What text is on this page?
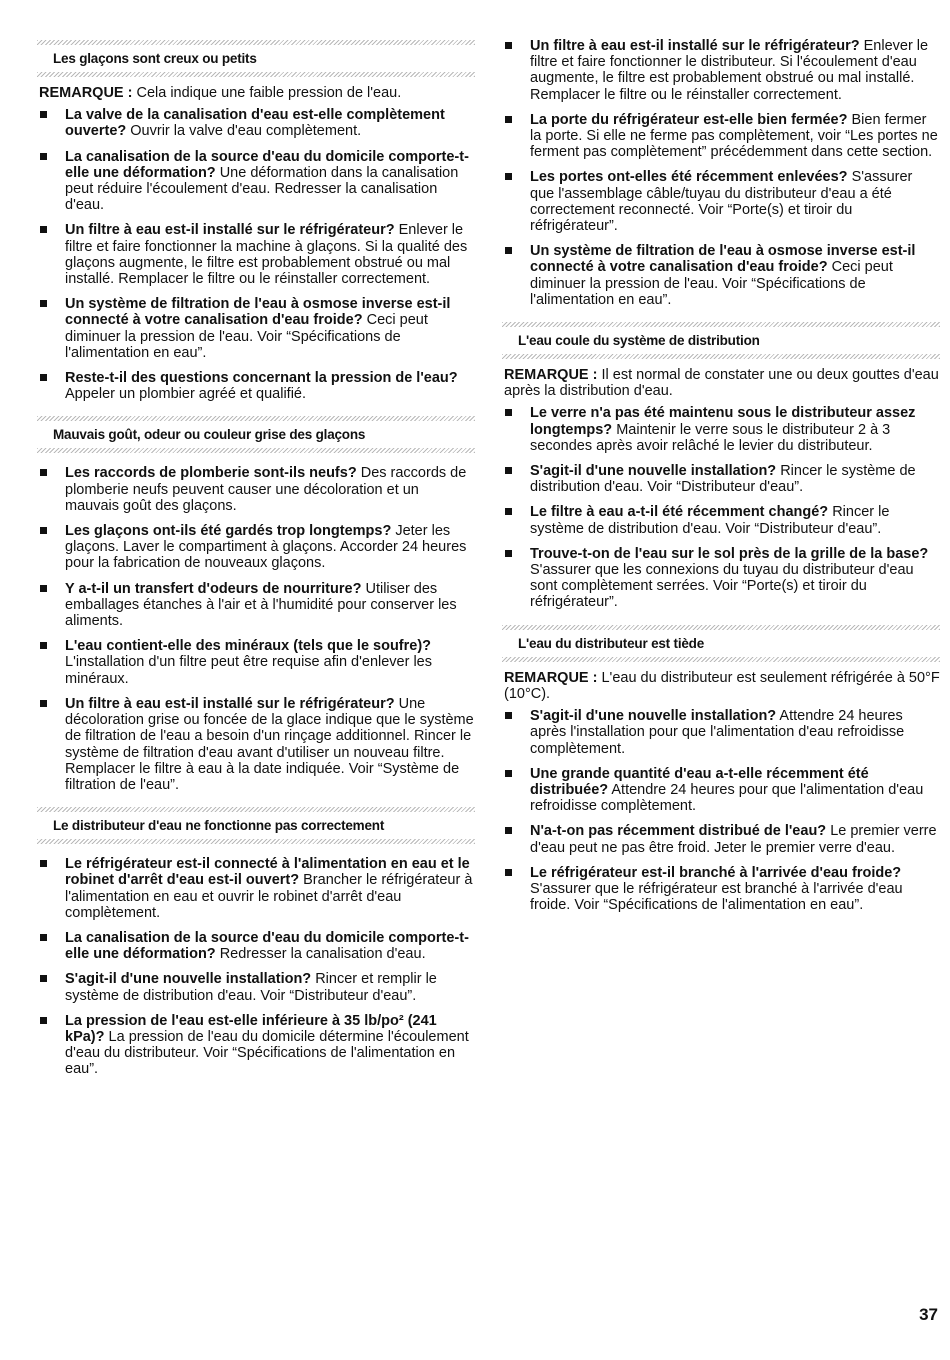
Les glaçons sont creux ou petits

REMARQUE : Cela indique une faible pression de l'eau.

La valve de la canalisation d'eau est-elle complètement ouverte? Ouvrir la valve d'eau complètement.
La canalisation de la source d'eau du domicile comporte-t-elle une déformation? Une déformation dans la canalisation peut réduire l'écoulement d'eau. Redresser la canalisation d'eau.
Un filtre à eau est-il installé sur le réfrigérateur? Enlever le filtre et faire fonctionner la machine à glaçons. Si la qualité des glaçons augmente, le filtre est probablement obstrué ou mal installé. Remplacer le filtre ou le réinstaller correctement.
Un système de filtration de l'eau à osmose inverse est-il connecté à votre canalisation d'eau froide? Ceci peut diminuer la pression de l'eau. Voir “Spécifications de l'alimentation en eau”.
Reste-t-il des questions concernant la pression de l'eau? Appeler un plombier agréé et qualifié.
Mauvais goût, odeur ou couleur grise des glaçons
Les raccords de plomberie sont-ils neufs? Des raccords de plomberie neufs peuvent causer une décoloration et un mauvais goût des glaçons.
Les glaçons ont-ils été gardés trop longtemps? Jeter les glaçons. Laver le compartiment à glaçons. Accorder 24 heures pour la fabrication de nouveaux glaçons.
Y a-t-il un transfert d'odeurs de nourriture? Utiliser des emballages étanches à l'air et à l'humidité pour conserver les aliments.
L'eau contient-elle des minéraux (tels que le soufre)? L'installation d'un filtre peut être requise afin d'enlever les minéraux.
Un filtre à eau est-il installé sur le réfrigérateur? Une décoloration grise ou foncée de la glace indique que le système de filtration de l'eau a besoin d'un rinçage additionnel. Rincer le système de filtration d'eau avant d'utiliser un nouveau filtre. Remplacer le filtre à eau à la date indiquée. Voir “Système de filtration de l'eau”.
Le distributeur d'eau ne fonctionne pas correctement
Le réfrigérateur est-il connecté à l'alimentation en eau et le robinet d'arrêt d'eau est-il ouvert? Brancher le réfrigérateur à l'alimentation en eau et ouvrir le robinet d'arrêt d'eau complètement.
La canalisation de la source d'eau du domicile comporte-t-elle une déformation? Redresser la canalisation d'eau.
S'agit-il d'une nouvelle installation? Rincer et remplir le système de distribution d'eau. Voir “Distributeur d'eau”.
La pression de l'eau est-elle inférieure à 35 lb/po² (241 kPa)? La pression de l'eau du domicile détermine l'écoulement d'eau du distributeur. Voir “Spécifications de l'alimentation en eau”.
Un filtre à eau est-il installé sur le réfrigérateur? Enlever le filtre et faire fonctionner le distributeur. Si l'écoulement d'eau augmente, le filtre est probablement obstrué ou mal installé. Remplacer le filtre ou le réinstaller correctement.
La porte du réfrigérateur est-elle bien fermée? Bien fermer la porte. Si elle ne ferme pas complètement, voir “Les portes ne ferment pas complètement” précédemment dans cette section.
Les portes ont-elles été récemment enlevées? S'assurer que l'assemblage câble/tuyau du distributeur d'eau a été correctement reconnecté. Voir “Porte(s) et tiroir du réfrigérateur”.
Un système de filtration de l'eau à osmose inverse est-il connecté à votre canalisation d'eau froide? Ceci peut diminuer la pression de l'eau. Voir “Spécifications de l'alimentation en eau”.
L'eau coule du système de distribution

REMARQUE : Il est normal de constater une ou deux gouttes d'eau après la distribution d'eau.

Le verre n'a pas été maintenu sous le distributeur assez longtemps? Maintenir le verre sous le distributeur 2 à 3 secondes après avoir relâché le levier du distributeur.
S'agit-il d'une nouvelle installation? Rincer le système de distribution d'eau. Voir “Distributeur d'eau”.
Le filtre à eau a-t-il été récemment changé? Rincer le système de distribution d'eau. Voir “Distributeur d'eau”.
Trouve-t-on de l'eau sur le sol près de la grille de la base? S'assurer que les connexions du tuyau du distributeur d'eau sont complètement serrées. Voir “Porte(s) et tiroir du réfrigérateur”.
L'eau du distributeur est tiède

REMARQUE : L'eau du distributeur est seulement réfrigérée à 50°F (10°C).

S'agit-il d'une nouvelle installation? Attendre 24 heures après l'installation pour que l'alimentation d'eau refroidisse complètement.
Une grande quantité d'eau a-t-elle récemment été distribuée? Attendre 24 heures pour que l'alimentation d'eau refroidisse complètement.
N'a-t-on pas récemment distribué de l'eau? Le premier verre d'eau peut ne pas être froid. Jeter le premier verre d'eau.
Le réfrigérateur est-il branché à l'arrivée d'eau froide? S'assurer que le réfrigérateur est branché à l'arrivée d'eau froide. Voir “Spécifications de l'alimentation en eau”.
37
